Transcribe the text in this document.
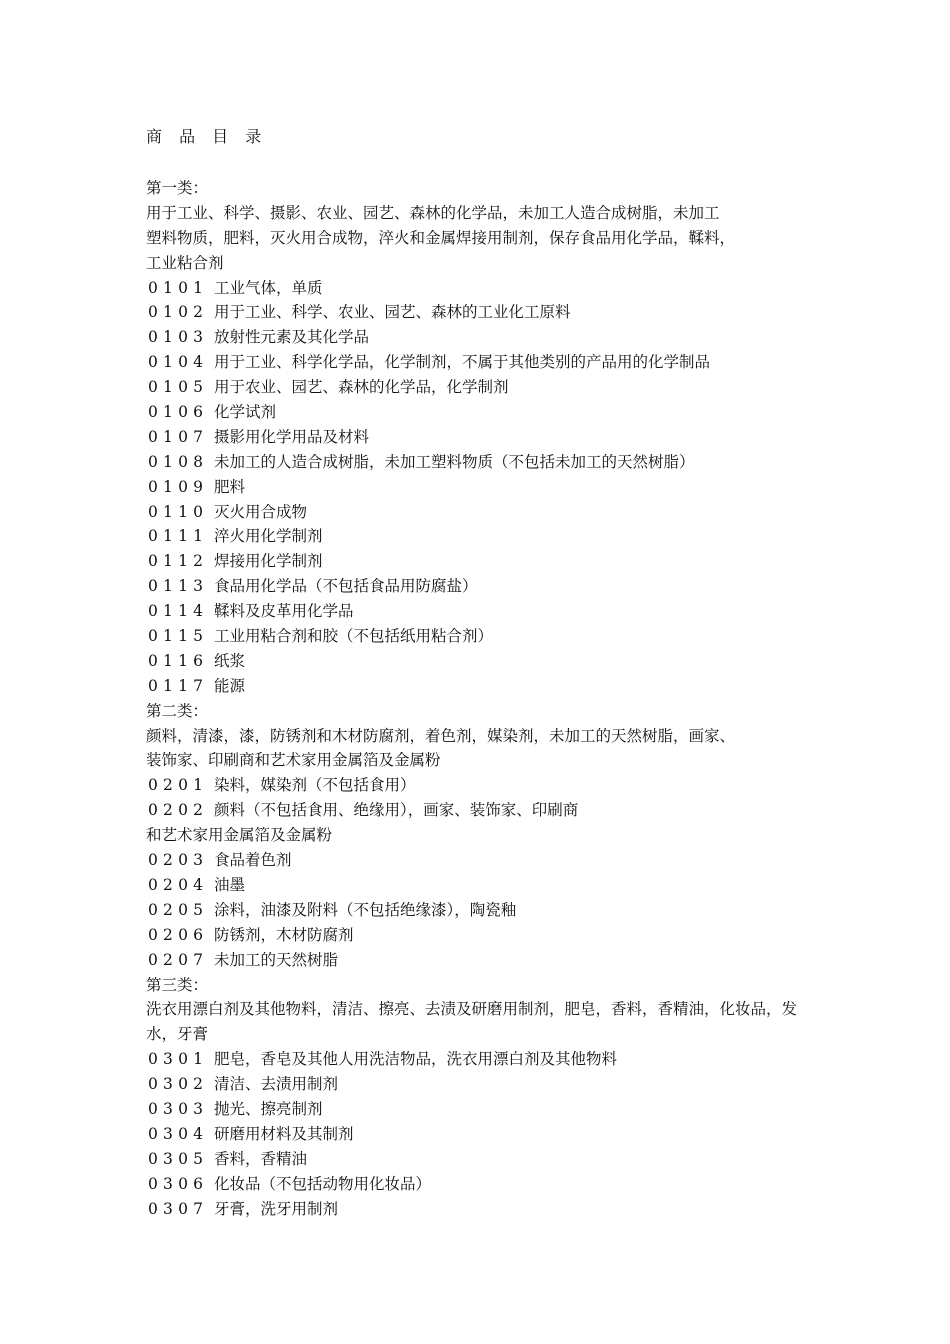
商 品 目 录
第一类：
用于工业、科学、摄影、农业、园艺、森林的化学品，未加工人造合成树脂，未加工
塑料物质，肥料，灭火用合成物，淬火和金属焊接用制剂，保存食品用化学品，鞣料，
工业粘合剂
0101 工业气体，单质
0102 用于工业、科学、农业、园艺、森林的工业化工原料
0103 放射性元素及其化学品
0104 用于工业、科学化学品，化学制剂，不属于其他类别的产品用的化学制品
0105 用于农业、园艺、森林的化学品，化学制剂
0106 化学试剂
0107 摄影用化学用品及材料
0108 未加工的人造合成树脂，未加工塑料物质（不包括未加工的天然树脂）
0109 肥料
0110 灭火用合成物
0111 淬火用化学制剂
0112 焊接用化学制剂
0113 食品用化学品（不包括食品用防腐盐）
0114 鞣料及皮革用化学品
0115 工业用粘合剂和胶（不包括纸用粘合剂）
0116 纸浆
0117 能源
第二类：
颜料，清漆，漆，防锈剂和木材防腐剂，着色剂，媒染剂，未加工的天然树脂，画家、
装饰家、印刷商和艺术家用金属箔及金属粉
0201 染料，媒染剂（不包括食用）
0202 颜料（不包括食用、绝缘用），画家、装饰家、印刷商
和艺术家用金属箔及金属粉
0203 食品着色剂
0204 油墨
0205 涂料，油漆及附料（不包括绝缘漆），陶瓷釉
0206 防锈剂，木材防腐剂
0207 未加工的天然树脂
第三类：
洗衣用漂白剂及其他物料，清洁、擦亮、去渍及研磨用制剂，肥皂，香料，香精油，化妆品，发
水，牙膏
0301 肥皂，香皂及其他人用洗洁物品，洗衣用漂白剂及其他物料
0302 清洁、去渍用制剂
0303 抛光、擦亮制剂
0304 研磨用材料及其制剂
0305 香料，香精油
0306 化妆品（不包括动物用化妆品）
0307 牙膏，洗牙用制剂
